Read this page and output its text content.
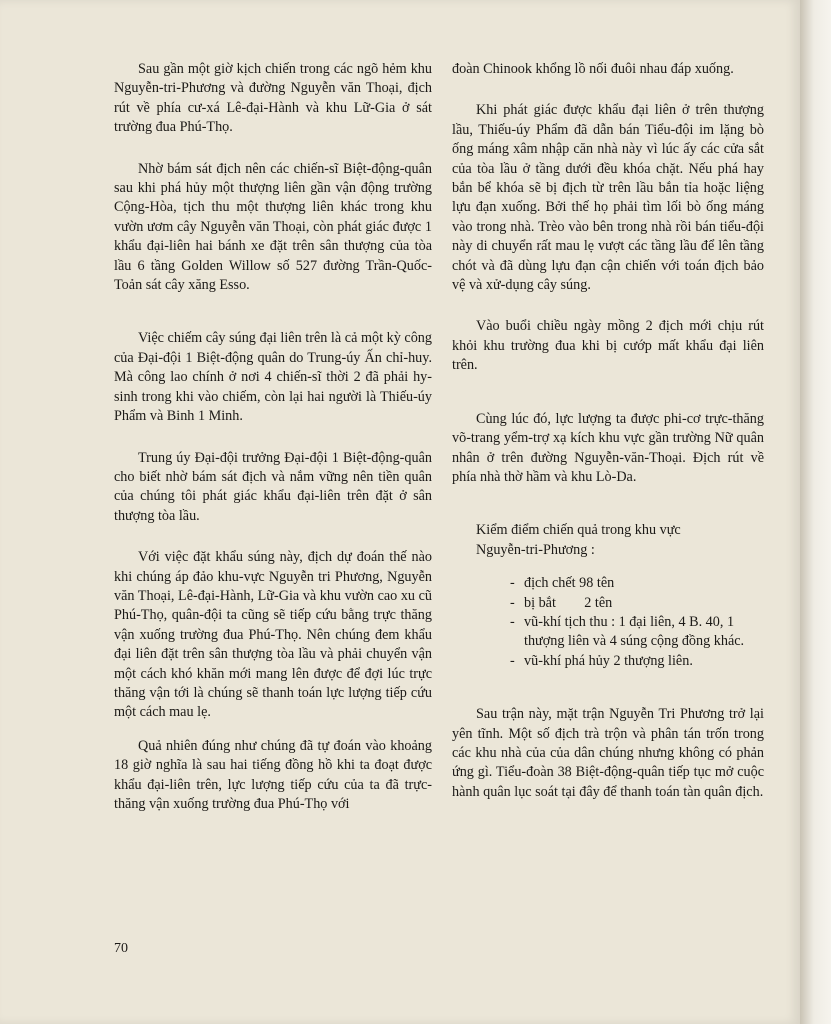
Sau gần một giờ kịch chiến trong các ngõ hẻm khu Nguyễn-tri-Phương và đường Nguyễn văn Thoại, địch rút về phía cư-xá Lê-đại-Hành và khu Lữ-Gia ở sát trường đua Phú-Thọ.

Nhờ bám sát địch nên các chiến-sĩ Biệt-động-quân sau khi phá hủy một thượng liên gần vận động trường Cộng-Hòa, tịch thu một thượng liên khác trong khu vườn ươm cây Nguyễn văn Thoại, còn phát giác được 1 khẩu đại-liên hai bánh xe đặt trên sân thượng của tòa lầu 6 tầng Golden Willow số 527 đường Trần-Quốc-Toản sát cây xăng Esso.

Việc chiếm cây súng đại liên trên là cả một kỳ công của Đại-đội 1 Biệt-động quân do Trung-úy Ấn chỉ-huy. Mà công lao chính ở nơi 4 chiến-sĩ thời 2 đã phải hy-sinh trong khi vào chiếm, còn lại hai người là Thiếu-úy Phẩm và Binh 1 Minh.

Trung úy Đại-đội trưởng Đại-đội 1 Biệt-động-quân cho biết nhờ bám sát địch và nắm vững nên tiền quân của chúng tôi phát giác khẩu đại-liên trên đặt ở sân thượng tòa lầu.

Với việc đặt khẩu súng này, địch dự đoán thế nào khi chúng áp đảo khu-vực Nguyễn tri Phương, Nguyễn văn Thoại, Lê-đại-Hành, Lữ-Gia và khu vườn cao xu cũ Phú-Thọ, quân-đội ta cũng sẽ tiếp cứu bằng trực thăng vận xuống trường đua Phú-Thọ. Nên chúng đem khẩu đại liên đặt trên sân thượng tòa lầu và phải chuyển vận một cách khó khăn mới mang lên được để đợi lúc trực thăng vận tới là chúng sẽ thanh toán lực lượng tiếp cứu một cách mau lẹ.

Quả nhiên đúng như chúng đã tự đoán vào khoảng 18 giờ nghĩa là sau hai tiếng đồng hồ khi ta đoạt được khẩu đại-liên trên, lực lượng tiếp cứu của ta đã trực-thăng vận xuống trường đua Phú-Thọ với

đoàn Chinook khổng lồ nối đuôi nhau đáp xuống.

Khi phát giác được khẩu đại liên ở trên thượng lầu, Thiếu-úy Phẩm đã dẫn bán Tiểu-đội im lặng bò ống máng xâm nhập căn nhà này vì lúc ấy các cửa sắt của tòa lầu ở tầng dưới đều khóa chặt. Nếu phá hay bắn bể khóa sẽ bị địch từ trên lầu bắn tỉa hoặc liệng lựu đạn xuống. Bởi thế họ phải tìm lối bò ống máng vào trong nhà. Trèo vào bên trong nhà rồi bán tiểu-đội này di chuyển rất mau lẹ vượt các tầng lầu để lên tầng chót và đã dùng lựu đạn cận chiến với toán địch bảo vệ và xử-dụng cây súng.

Vào buổi chiều ngày mồng 2 địch mới chịu rút khỏi khu trường đua khi bị cướp mất khẩu đại liên trên.

Cùng lúc đó, lực lượng ta được phi-cơ trực-thăng võ-trang yểm-trợ xạ kích khu vực gần trường Nữ quân nhân ở trên đường Nguyễn-văn-Thoại. Địch rút về phía nhà thờ hầm và khu Lò-Da.

Kiểm điểm chiến quả trong khu vực
Nguyễn-tri-Phương :
- địch chết 98 tên
- bị bắt        2 tên
- vũ-khí tịch thu : 1 đại liên, 4 B. 40, 1 thượng liên và 4 súng cộng đồng khác.
- vũ-khí phá hủy 2 thượng liên.

Sau trận này, mặt trận Nguyễn Tri Phương trở lại yên tĩnh. Một số địch trà trộn và phân tán trốn trong các khu nhà của của dân chúng nhưng không có phản ứng gì. Tiểu-đoàn 38 Biệt-động-quân tiếp tục mở cuộc hành quân lục soát tại đây để thanh toán tàn quân địch.

70
